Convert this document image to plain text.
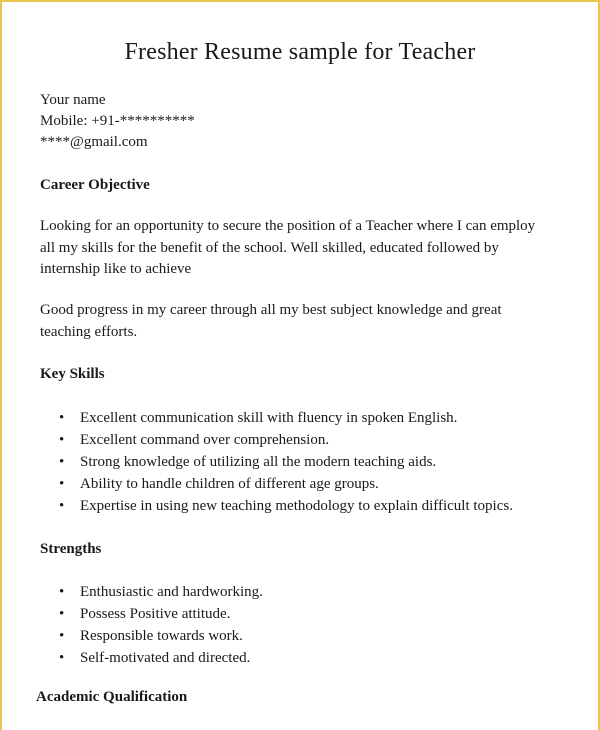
Fresher Resume sample for Teacher
Your name
Mobile: +91-**********
****@gmail.com
Career Objective
Looking for an opportunity to secure the position of a Teacher where I can employ
all my skills for the benefit of the school. Well skilled, educated followed by
internship like to achieve
Good progress in my career through all my best subject knowledge and great
teaching efforts.
Key Skills
• Excellent communication skill with fluency in spoken English.
• Excellent command over comprehension.
• Strong knowledge of utilizing all the modern teaching aids.
• Ability to handle children of different age groups.
• Expertise in using new teaching methodology to explain difficult topics.
Strengths
• Enthusiastic and hardworking.
• Possess Positive attitude.
• Responsible towards work.
• Self-motivated and directed.
Academic Qualification
